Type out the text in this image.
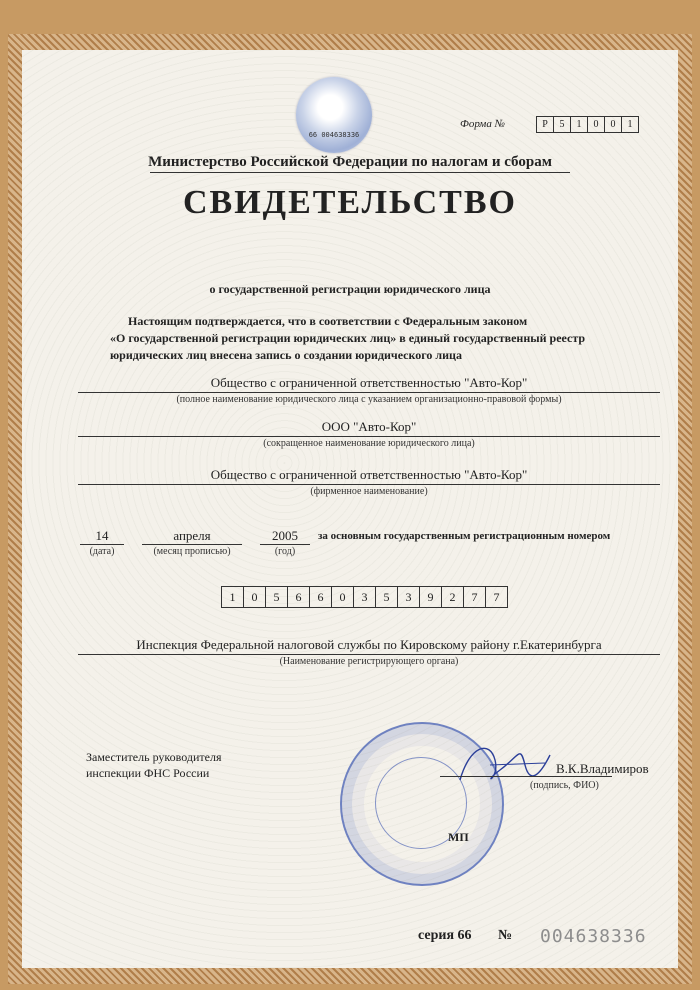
66 004638336
Форма №	Р	5	1	0	0	1
Министерство Российской Федерации по налогам и сборам
СВИДЕТЕЛЬСТВО
о государственной регистрации юридического лица
Настоящим подтверждается, что в соответствии с Федеральным законом
«О государственной регистрации юридических лиц» в единый государственный реестр
юридических лиц внесена запись о создании юридического лица
Общество с ограниченной ответственностью "Авто-Кор"
(полное наименование юридического лица с указанием организационно-правовой формы)
ООО "Авто-Кор"
(сокращенное наименование юридического лица)
Общество с ограниченной ответственностью "Авто-Кор"
(фирменное наименование)
14
(дата)
апреля
(месяц прописью)
2005
(год)
за основным государственным регистрационным номером
1	0	5	6	6	0	3	5	3	9	2	7	7
Инспекция Федеральной налоговой службы по Кировскому району г.Екатеринбурга
(Наименование регистрирующего органа)
Заместитель руководителя
инспекции ФНС России	В.К.Владимиров
(подпись, ФИО)
МП
серия 66 № 004638336
